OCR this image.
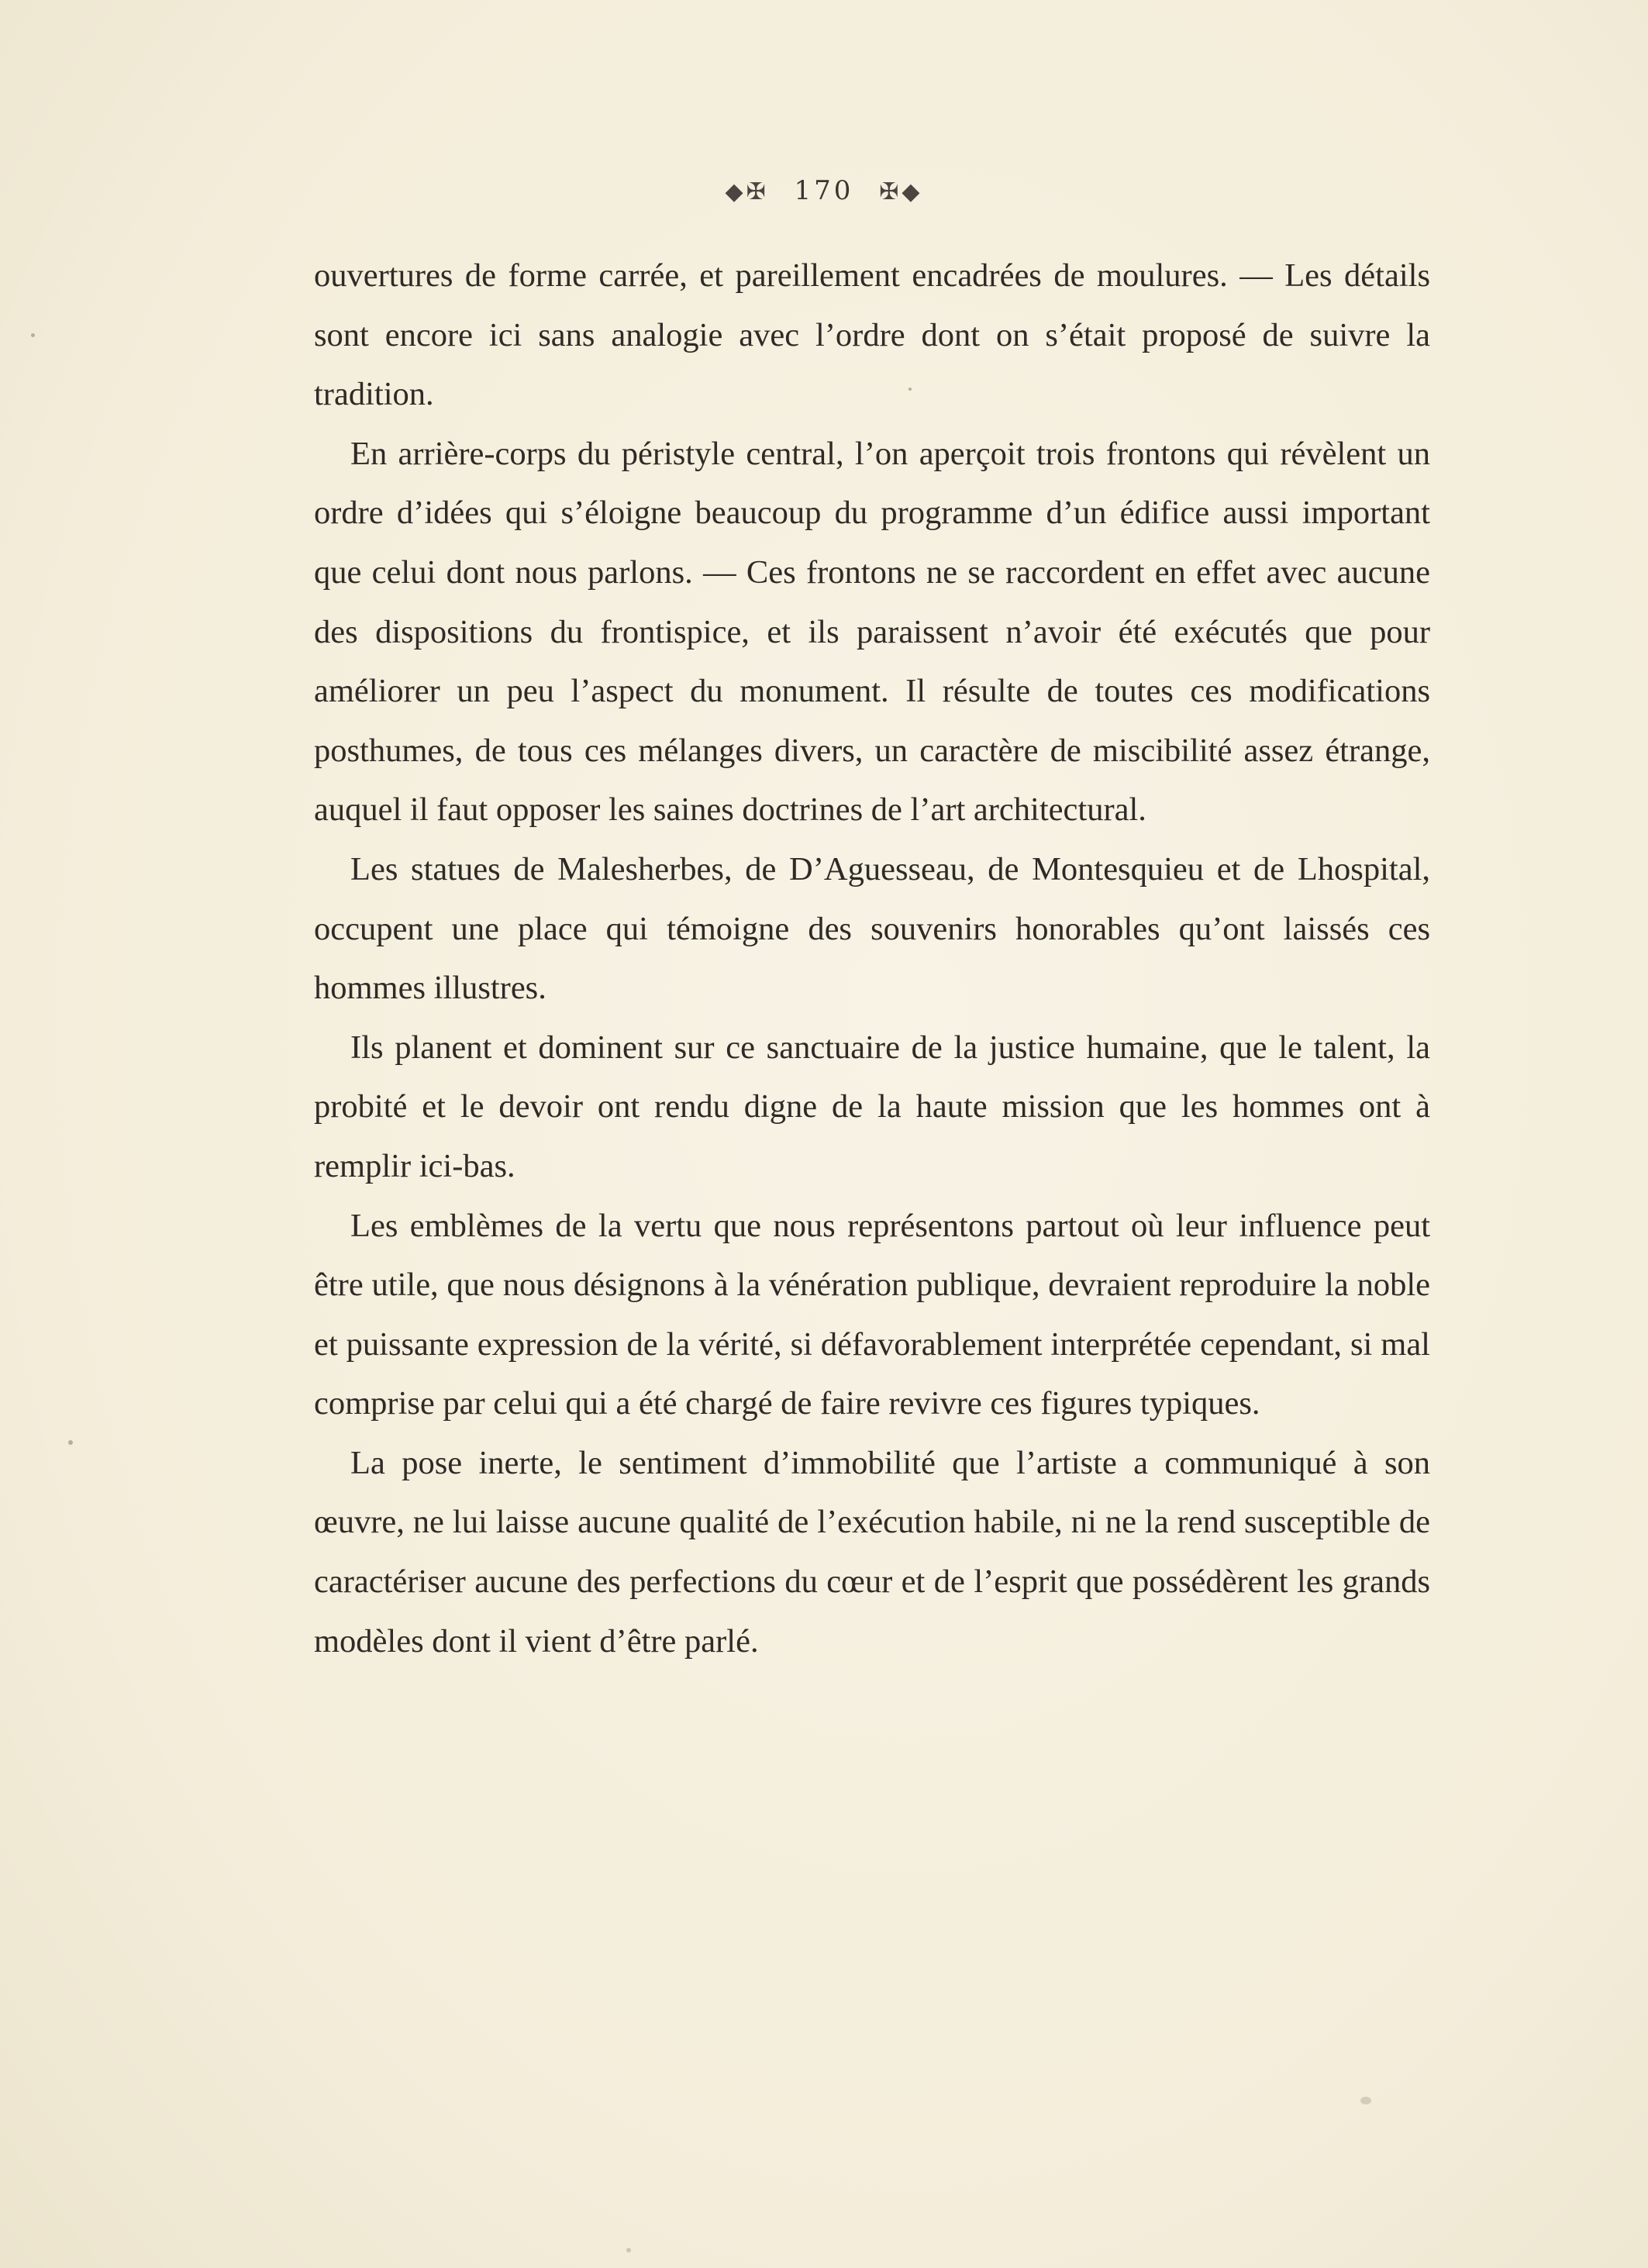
◆✠ 170 ✠◆

ouvertures de forme carrée, et pareillement encadrées de moulures. — Les détails sont encore ici sans analogie avec l’ordre dont on s’était proposé de suivre la tradition.

En arrière-corps du péristyle central, l’on aperçoit trois frontons qui révèlent un ordre d’idées qui s’éloigne beaucoup du programme d’un édifice aussi important que celui dont nous parlons. — Ces frontons ne se raccordent en effet avec aucune des dispositions du frontispice, et ils paraissent n’avoir été exécutés que pour améliorer un peu l’aspect du monument. Il résulte de toutes ces modifications posthumes, de tous ces mélanges divers, un caractère de miscibilité assez étrange, auquel il faut opposer les saines doctrines de l’art architectural.

Les statues de Malesherbes, de D’Aguesseau, de Montesquieu et de Lhospital, occupent une place qui témoigne des souvenirs honorables qu’ont laissés ces hommes illustres.

Ils planent et dominent sur ce sanctuaire de la justice humaine, que le talent, la probité et le devoir ont rendu digne de la haute mission que les hommes ont à remplir ici-bas.

Les emblèmes de la vertu que nous représentons partout où leur influence peut être utile, que nous désignons à la vénération publique, devraient reproduire la noble et puissante expression de la vérité, si défavorablement interprétée cependant, si mal comprise par celui qui a été chargé de faire revivre ces figures typiques.

La pose inerte, le sentiment d’immobilité que l’artiste a communiqué à son œuvre, ne lui laisse aucune qualité de l’exécution habile, ni ne la rend susceptible de caractériser aucune des perfections du cœur et de l’esprit que possédèrent les grands modèles dont il vient d’être parlé.
